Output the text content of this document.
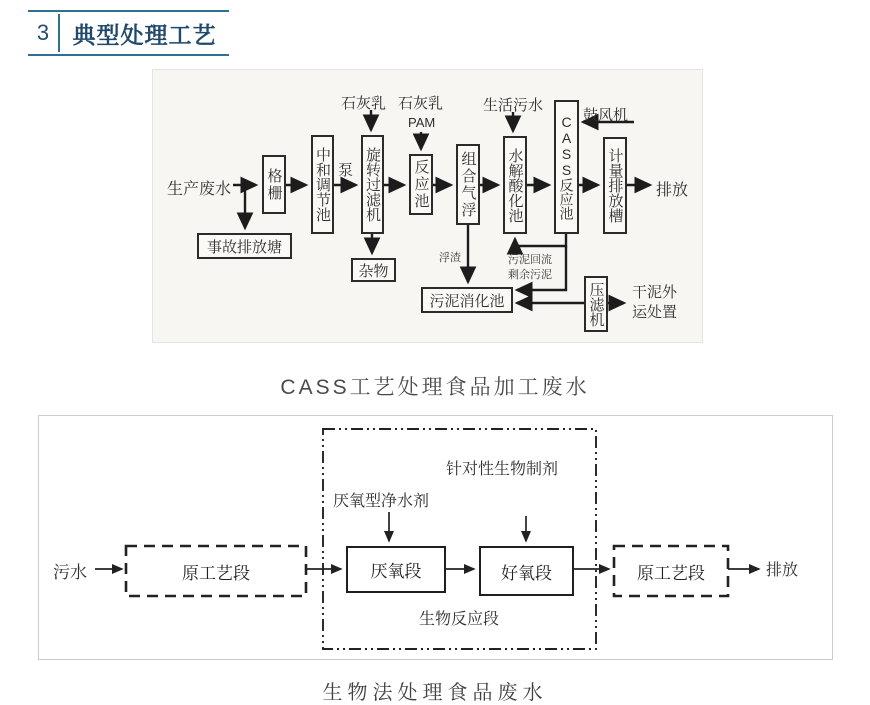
3	典型处理工艺
生产废水
事故排放塘
格栅 中和调节池 泵 旋转过滤机
石灰乳 石灰乳
PAM
反应池
杂物
组合气浮
浮渣
生活污水
水解酸化池	CASS反应池 鼓风机
计量排放槽 排放
污泥回流
剩余污泥
污泥消化池	压滤机 干泥外
运处置
CASS工艺处理食品加工废水
污水	原工艺段
厌氧型净水剂
厌氧段
针对性生物制剂
好氧段
生物反应段
原工艺段	排放
生物法处理食品废水
